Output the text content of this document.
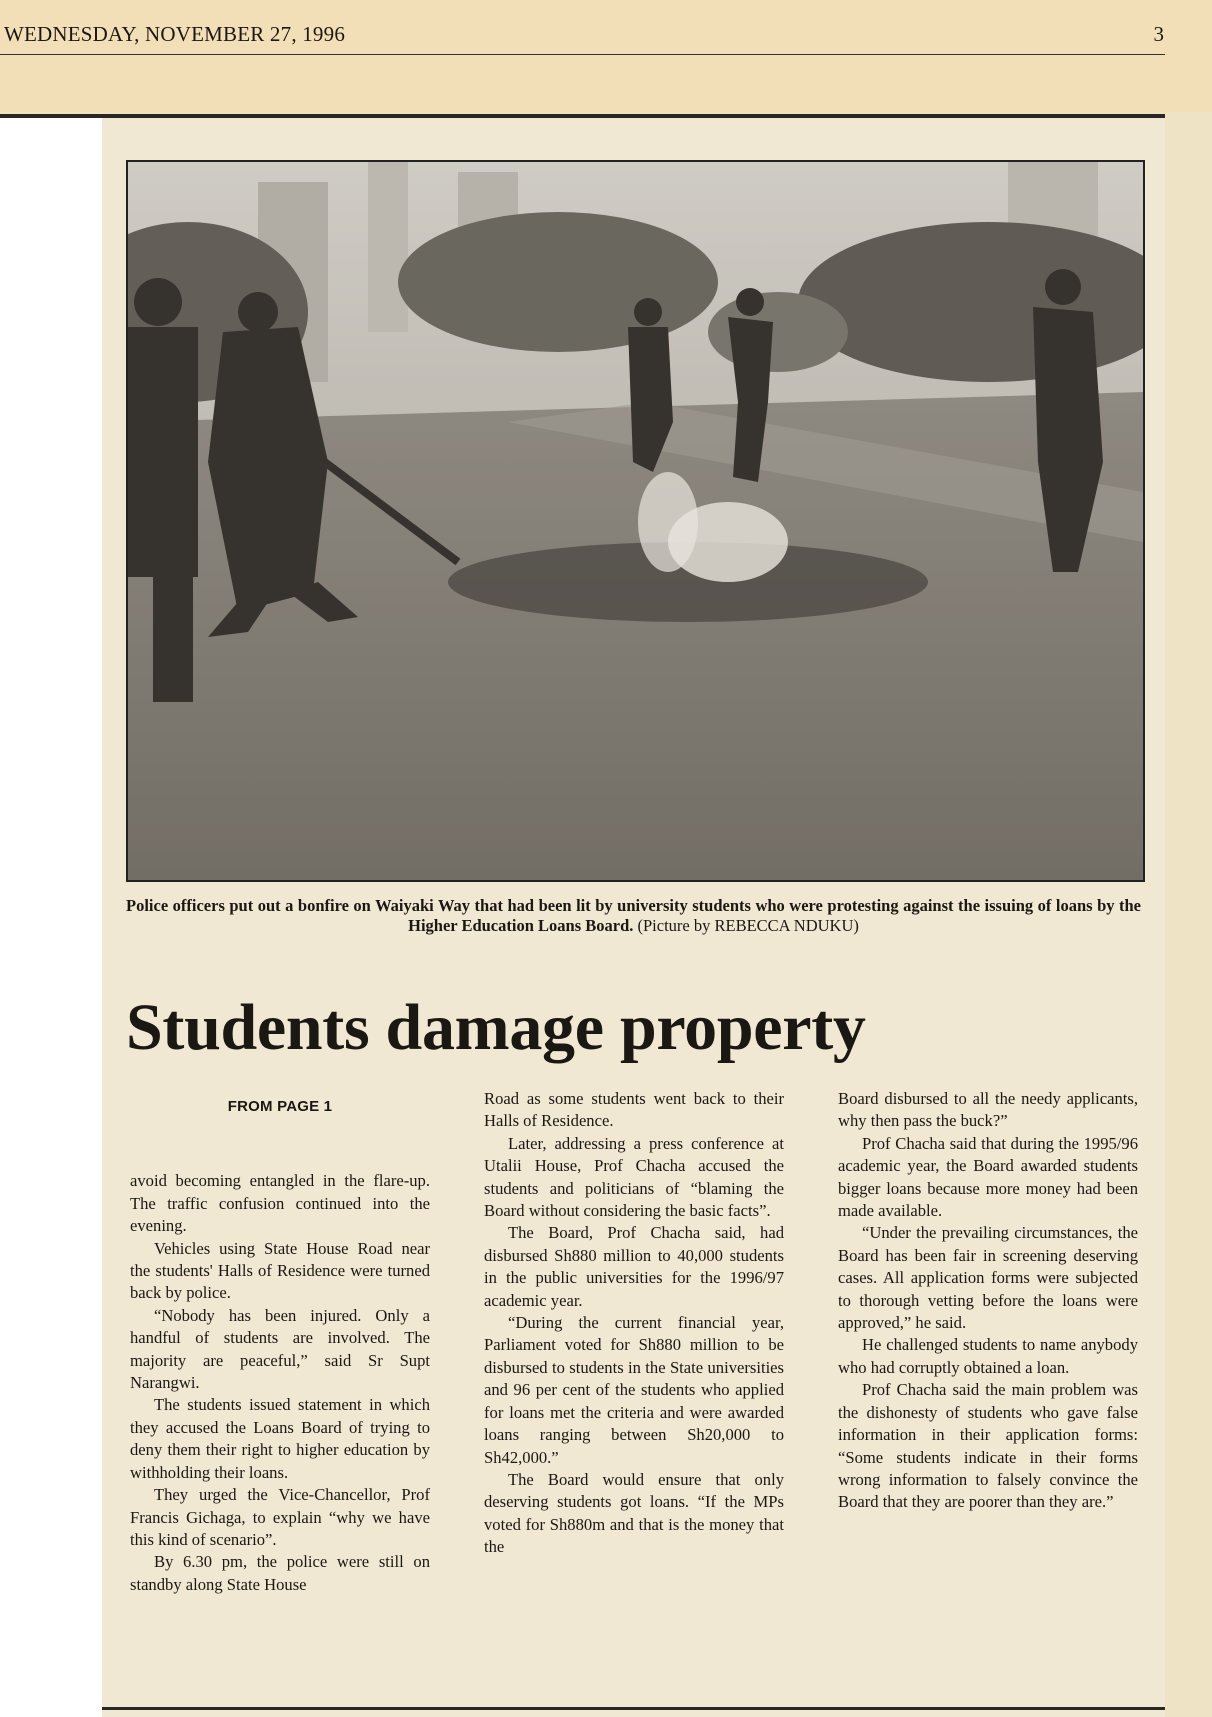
WEDNESDAY, NOVEMBER 27, 1996	3
Police officers put out a bonfire on Waiyaki Way that had been lit by university students who were protesting against the issuing of loans by the Higher Education Loans Board. (Picture by REBECCA NDUKU)
Students damage property
FROM PAGE 1

avoid becoming entangled in the flare-up. The traffic confusion continued into the evening.

Vehicles using State House Road near the students' Halls of Residence were turned back by police.

“Nobody has been injured. Only a handful of students are involved. The majority are peaceful,” said Sr Supt Narangwi.

The students issued statement in which they accused the Loans Board of trying to deny them their right to higher education by withholding their loans.

They urged the Vice-Chancellor, Prof Francis Gichaga, to explain “why we have this kind of scenario”.

By 6.30 pm, the police were still on standby along State House

Road as some students went back to their Halls of Residence.

Later, addressing a press conference at Utalii House, Prof Chacha accused the students and politicians of “blaming the Board without considering the basic facts”.

The Board, Prof Chacha said, had disbursed Sh880 million to 40,000 students in the public universities for the 1996/97 academic year.

“During the current financial year, Parliament voted for Sh880 million to be disbursed to students in the State universities and 96 per cent of the students who applied for loans met the criteria and were awarded loans ranging between Sh20,000 to Sh42,000.”

The Board would ensure that only deserving students got loans. “If the MPs voted for Sh880m and that is the money that the

Board disbursed to all the needy applicants, why then pass the buck?”

Prof Chacha said that during the 1995/96 academic year, the Board awarded students bigger loans because more money had been made available.

“Under the prevailing circumstances, the Board has been fair in screening deserving cases. All application forms were subjected to thorough vetting before the loans were approved,” he said.

He challenged students to name anybody who had corruptly obtained a loan.

Prof Chacha said the main problem was the dishonesty of students who gave false information in their application forms: “Some students indicate in their forms wrong information to falsely convince the Board that they are poorer than they are.”
